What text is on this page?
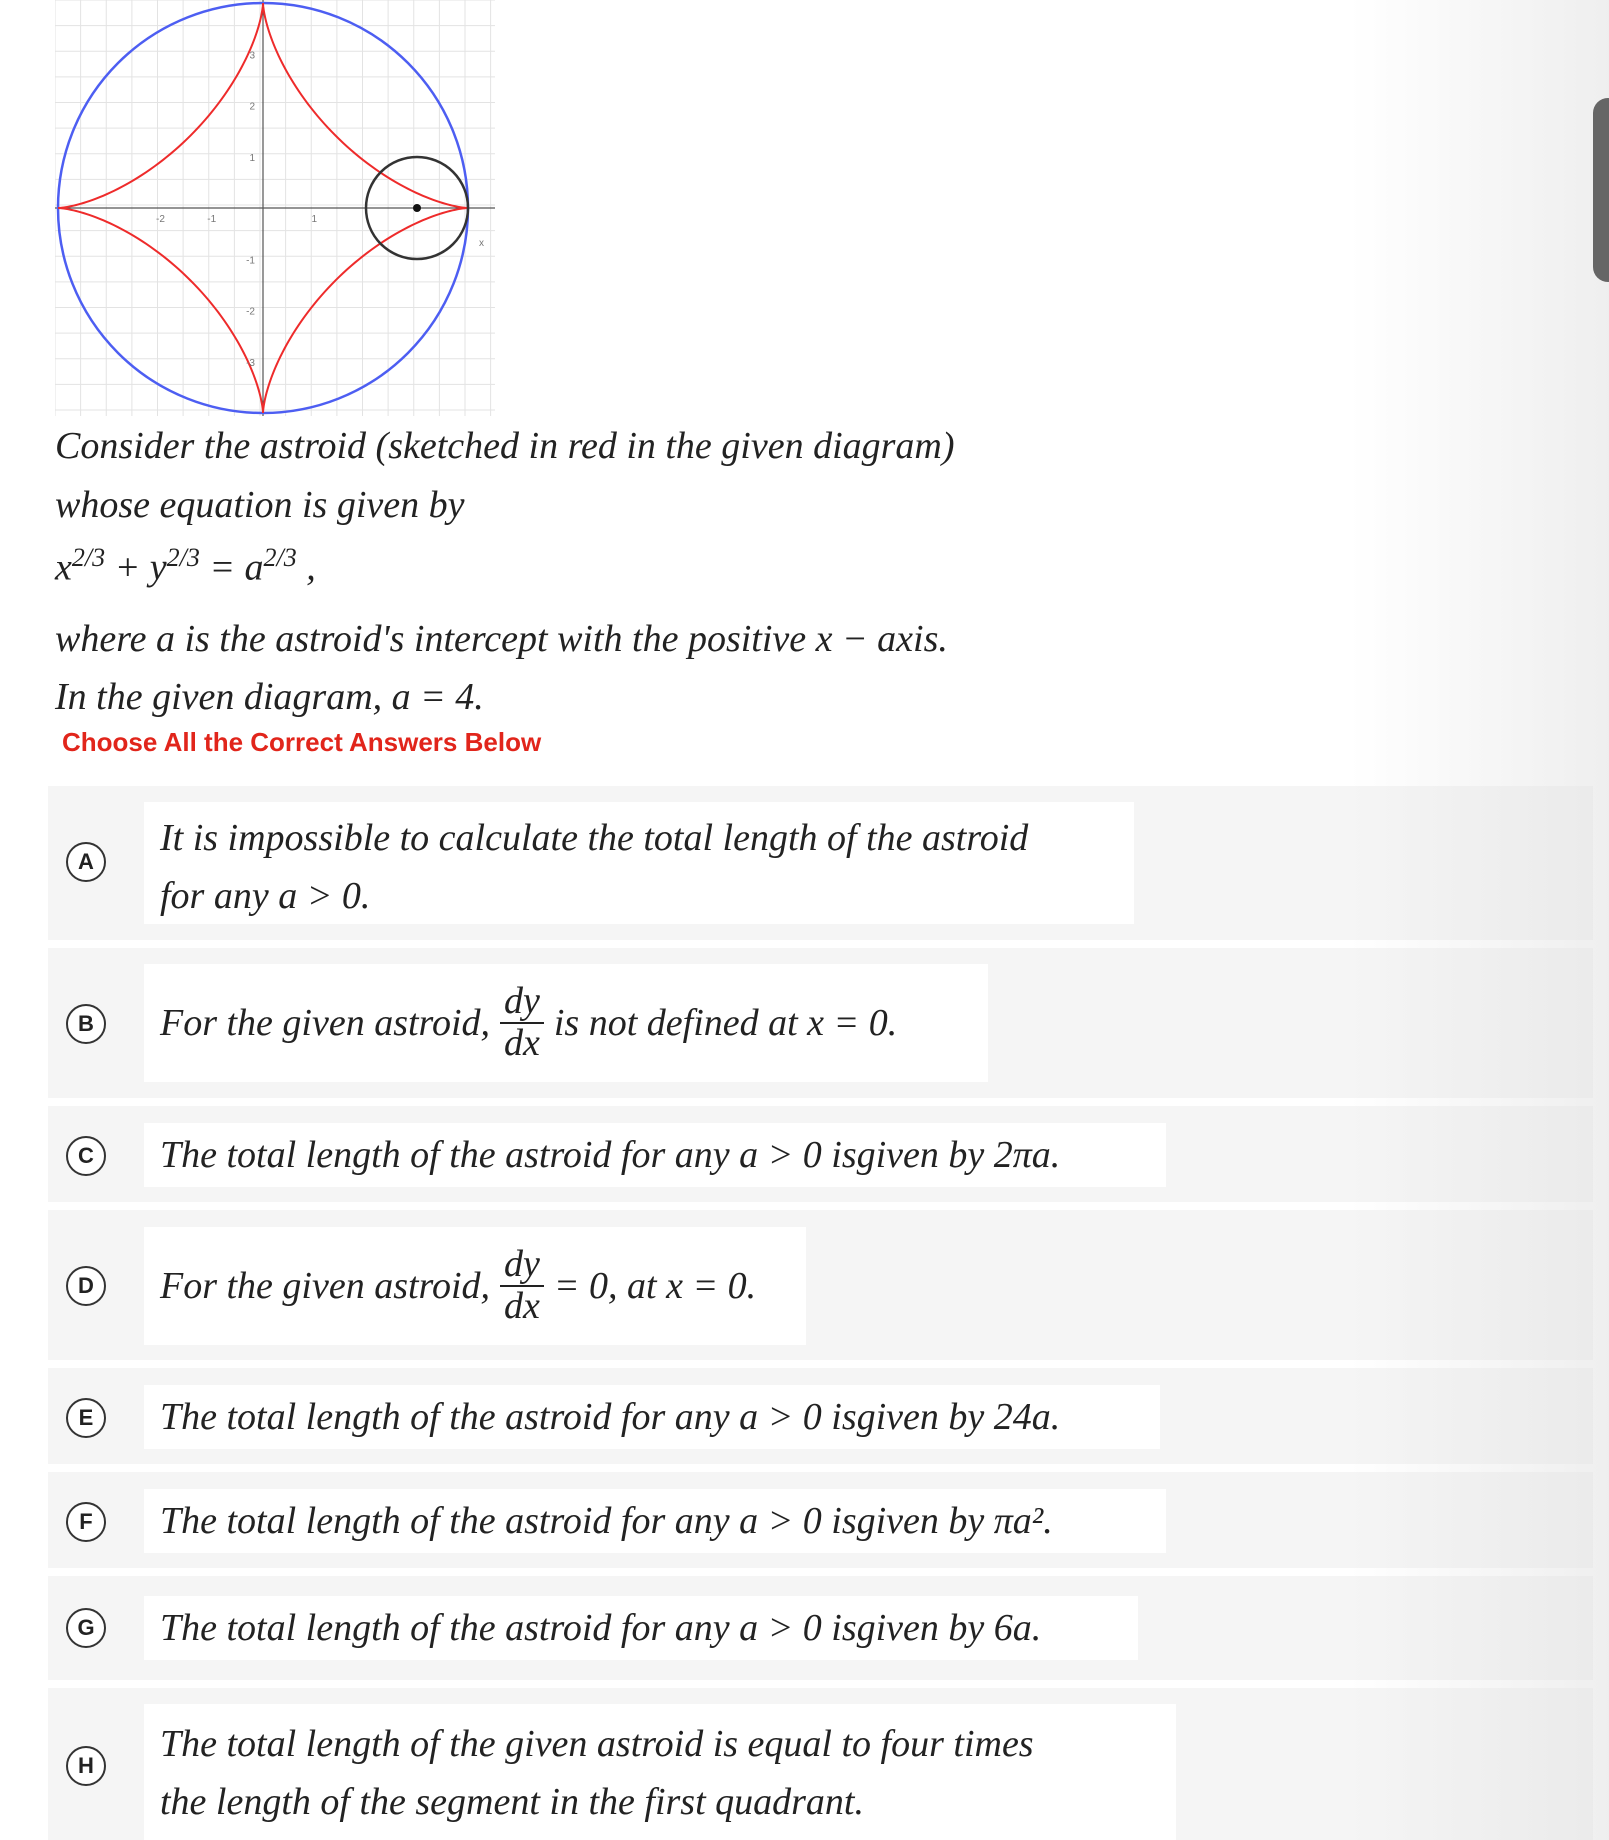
-2	-1	1
3
2
1
-1
-2
-3
x
Consider the astroid (sketched in red in the given diagram)
whose equation is given by
$x^{2/3} + y^{2/3} = a^{2/3}$ ,
where a is the astroid's intercept with the positive x − axis.
In the given diagram, a = 4.
Choose All the Correct Answers Below
A
It is impossible to calculate the total length of the astroid
for any a > 0.
B	For the given astroid, $\frac{dy}{dx}$ is not defined at x = 0.
C	The total length of the astroid for any a > 0 isgiven by 2πa.
D	For the given astroid, $\frac{dy}{dx} = 0$, at x = 0.
E	The total length of the astroid for any a > 0 isgiven by 24a.
F	The total length of the astroid for any a > 0 isgiven by πa².
G	The total length of the astroid for any a > 0 isgiven by 6a.
H
The total length of the given astroid is equal to four times
the length of the segment in the first quadrant.
